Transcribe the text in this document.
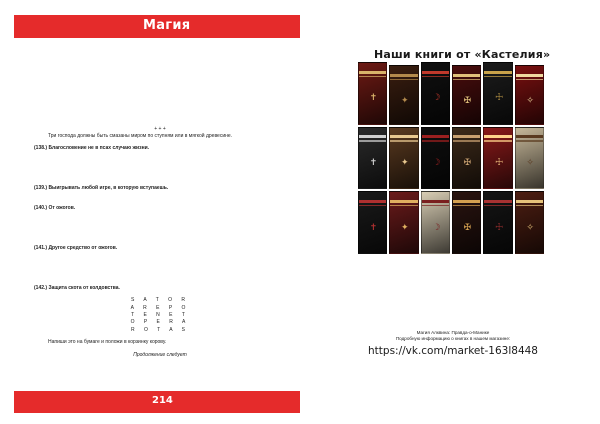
Магия

+ + +

Три господа должны быть смазаны миром по ступням или в мягкой древесине.

(138.) Благословение не в псах случаю жизни.

(139.) Выигрывать любой игре, в которую вступаешь.

(140.) От ожогов.

(141.) Другое средство от ожогов.

(142.) Защита скота от колдовства.

S A T O R
A R E P O
T E N E T
O P E R A
R O T A S

Напиши это на бумаге и положи в корзинку корову.

Продолжение следует

214
Наши книги от «Кастелия»
✝	✦	☽	✠	☩	✧
✝	✦	☽	✠	☩	✧
✝	✦	☽	✠	☩	✧
Магия Алквина: Правда-о-Манике
Подробную информацию о книгах в нашем магазине:
https://vk.com/market-163l8448
